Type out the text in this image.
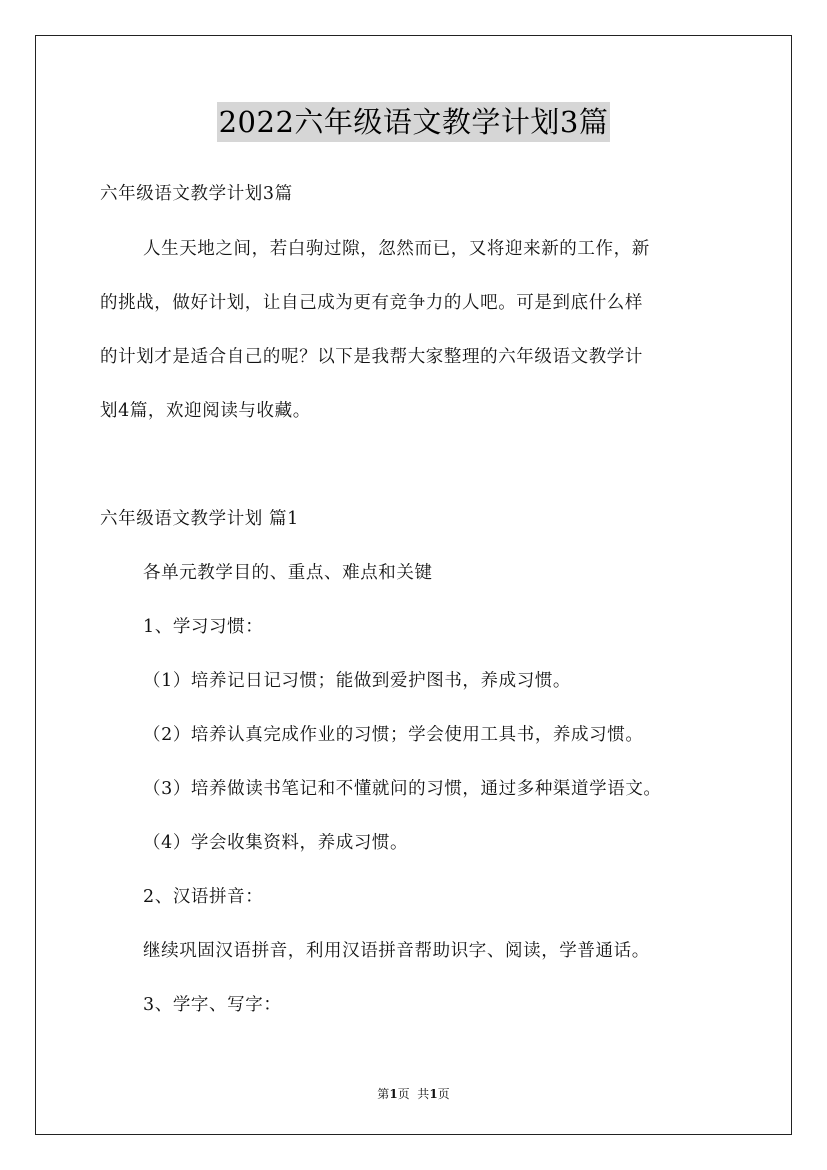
2022六年级语文教学计划3篇
六年级语文教学计划3篇
人生天地之间，若白驹过隙，忽然而已，又将迎来新的工作，新
的挑战，做好计划，让自己成为更有竞争力的人吧。可是到底什么样
的计划才是适合自己的呢？以下是我帮大家整理的六年级语文教学计
划4篇，欢迎阅读与收藏。
六年级语文教学计划 篇1
各单元教学目的、重点、难点和关键
1、学习习惯：
（1）培养记日记习惯；能做到爱护图书，养成习惯。
（2）培养认真完成作业的习惯；学会使用工具书，养成习惯。
（3）培养做读书笔记和不懂就问的习惯，通过多种渠道学语文。
（4）学会收集资料，养成习惯。
2、汉语拼音：
继续巩固汉语拼音，利用汉语拼音帮助识字、阅读，学普通话。
3、学字、写字：
第1页  共1页
